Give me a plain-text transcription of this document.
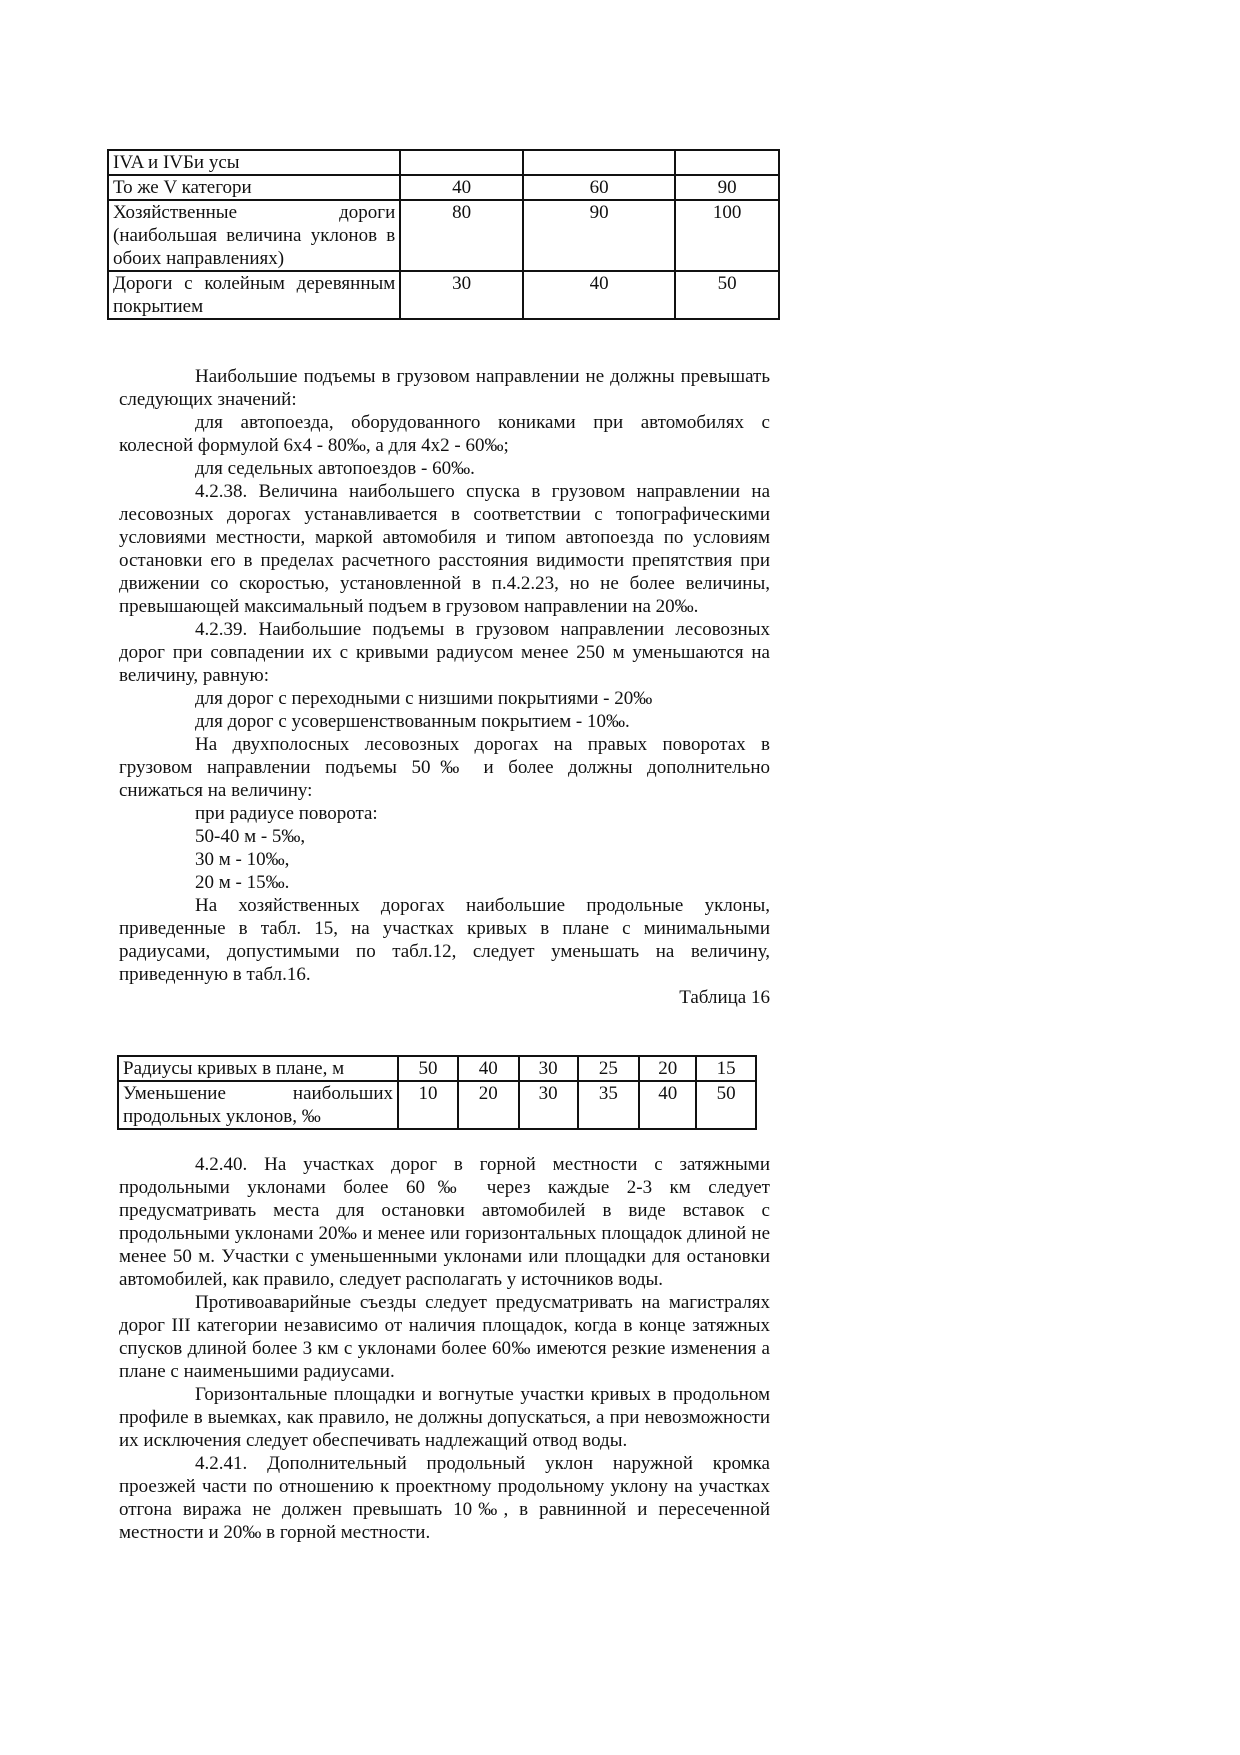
IVA и IVБи усы			
То же V категори	40	60	90
Хозяйственные дороги (наибольшая величина уклонов в обоих направлениях)	80	90	100
Дороги с колейным деревянным покрытием	30	40	50

Наибольшие подъемы в грузовом направлении не должны превышать следующих значений:

для автопоезда, оборудованного кониками при автомобилях с колесной формулой 6х4 - 80‰, а для 4х2 - 60‰;

для седельных автопоездов - 60‰.

4.2.38. Величина наибольшего спуска в грузовом направлении на лесовозных дорогах устанавливается в соответствии с топографическими условиями местности, маркой автомобиля и типом автопоезда по условиям остановки его в пределах расчетного расстояния видимости препятствия при движении со скоростью, установленной в п.4.2.23, но не более величины, превышающей максимальный подъем в грузовом направлении на 20‰.

4.2.39. Наибольшие подъемы в грузовом направлении лесовозных дорог при совпадении их с кривыми радиусом менее 250 м уменьшаются на величину, равную:

для дорог с переходными с низшими покрытиями - 20‰

для дорог с усовершенствованным покрытием - 10‰.

На двухполосных лесовозных дорогах на правых поворотах в грузовом направлении подъемы 50‰ и более должны дополнительно снижаться на величину:

при радиусе поворота:

50-40 м - 5‰,

30 м - 10‰,

20 м - 15‰.

На хозяйственных дорогах наибольшие продольные уклоны, приведенные в табл. 15, на участках кривых в плане с минимальными радиусами, допустимыми по табл.12, следует уменьшать на величину, приведенную в табл.16.

Таблица 16

Радиусы кривых в плане, м	50	40	30	25	20	15
Уменьшение наибольших продольных уклонов, ‰	10	20	30	35	40	50

4.2.40. На участках дорог в горной местности с затяжными продольными уклонами более 60‰ через каждые 2-3 км следует предусматривать места для остановки автомобилей в виде вставок с продольными уклонами 20‰ и менее или горизонтальных площадок длиной не менее 50 м. Участки с уменьшенными уклонами или площадки для остановки автомобилей, как правило, следует располагать у источников воды.

Противоаварийные съезды следует предусматривать на магистралях дорог III категории независимо от наличия площадок, когда в конце затяжных спусков длиной более 3 км с уклонами более 60‰ имеются резкие изменения а плане с наименьшими радиусами.

Горизонтальные площадки и вогнутые участки кривых в продольном профиле в выемках, как правило, не должны допускаться, а при невозможности их исключения следует обеспечивать надлежащий отвод воды.

4.2.41. Дополнительный продольный уклон наружной кромка проезжей части по отношению к проектному продольному уклону на участках отгона виража не должен превышать 10‰, в равнинной и пересеченной местности и 20‰ в горной местности.
